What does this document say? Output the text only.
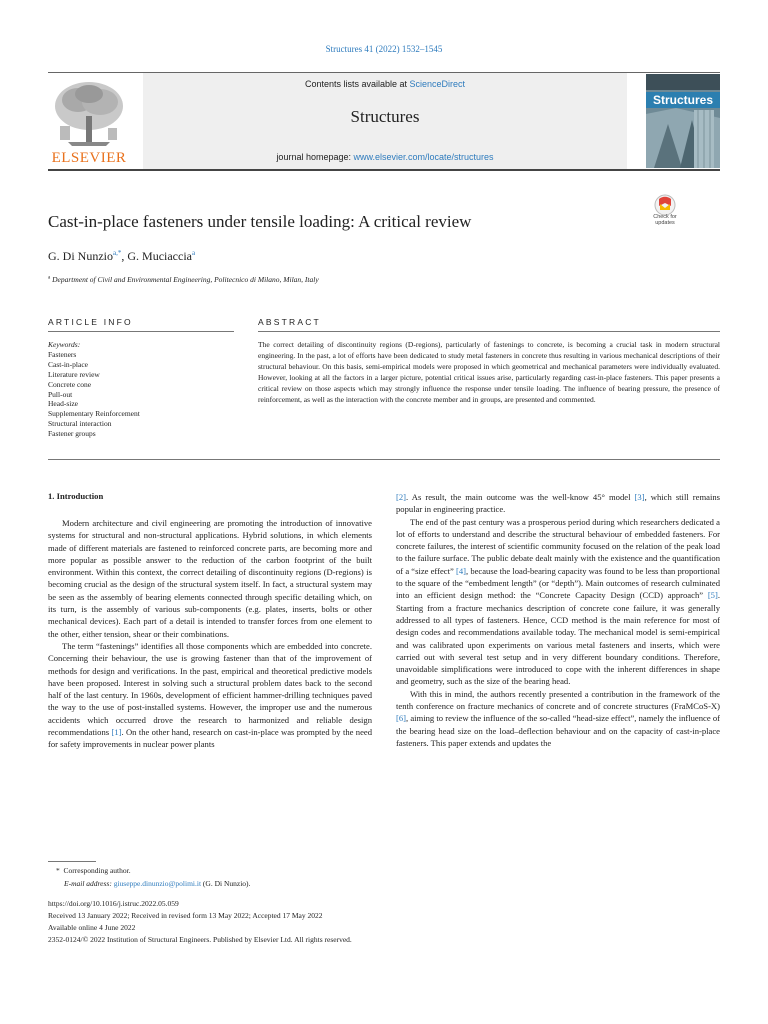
Structures 41 (2022) 1532–1545
ELSEVIER
Contents lists available at ScienceDirect
Structures
journal homepage: www.elsevier.com/locate/structures
Structures
Cast-in-place fasteners under tensile loading: A critical review	Check for updates
G. Di Nunzio$^{a,*}$, G. Muciaccia$^a$
$^a$ Department of Civil and Environmental Engineering, Politecnico di Milano, Milan, Italy
ARTICLE INFO	ABSTRACT
Keywords:
Fasteners
Cast-in-place
Literature review
Concrete cone
Pull-out
Head-size
Supplementary Reinforcement
Structural interaction
Fastener groups
The correct detailing of discontinuity regions (D-regions), particularly of fastenings to concrete, is becoming a crucial task in modern structural engineering. In the past, a lot of efforts have been dedicated to study metal fasteners in concrete thus resulting in various mechanical descriptions of their structural behaviour. On this basis, semi-empirical models were proposed in which geometrical and mechanical parameters were individually evaluated. However, looking at all the factors in a larger picture, potential critical issues arise, particularly regarding cast-in-place fasteners. This paper presents a critical review on those aspects which may strongly influence the response under tensile loading. The influence of bearing pressure, the presence of reinforcement, as well as the interaction with the concrete member and in groups, are presented and commented.
1. Introduction

Modern architecture and civil engineering are promoting the introduction of innovative systems for structural and non-structural applications. Hybrid solutions, in which elements made of different materials are fastened to reinforced concrete parts, are becoming more and more popular as possible answer to the reduction of the carbon footprint of the built environment. Within this context, the correct detailing of discontinuity regions (D-regions) is becoming crucial as the design of the structural system itself. In fact, a structural system may be seen as the assembly of bearing elements connected through specific detailing which, on its turn, is the assembly of various sub-components (e.g. plates, inserts, bolts or other mechanical devices). Each part of a detail is intended to transfer forces from one element to the other, either tension, shear or their combinations.

The term “fastenings” identifies all those components which are embedded into concrete. Concerning their behaviour, the use is growing fastener than that of the improvement of methods for design and verifications. In the past, empirical and theoretical predictive models have been proposed. Interest in solving such a structural problem dates back to the second half of the last century. In 1960s, development of efficient hammer-drilling techniques paved the way to the use of post-installed systems. However, the improper use and the numerous accidents which occurred drove the research to harmonized and reliable design recommendations [1]. On the other hand, research on cast-in-place was prompted by the need for safety improvements in nuclear power plants

[2]. As result, the main outcome was the well-know 45° model [3], which still remains popular in engineering practice.

The end of the past century was a prosperous period during which researchers dedicated a lot of efforts to understand and describe the structural behaviour of embedded fasteners. For concrete failures, the interest of scientific community focused on the relation of the peak load to the failure surface. The public debate dealt mainly with the existence and the quantification of a “size effect” [4], because the load-bearing capacity was found to be less than proportional to the square of the “embedment length” (or “depth”). Main outcomes of research culminated into an efficient design method: the “Concrete Capacity Design (CCD) approach” [5]. Starting from a fracture mechanics description of concrete cone failure, it was generally addressed to all types of fasteners. Hence, CCD method is the main reference for most of design codes and recommendations available today. The mechanical model is semi-empirical and was calibrated upon experiments on various metal fasteners and inserts, which were carried out with several test setup and in very different boundary conditions. Therefore, unavoidable simplifications were introduced to cope with the inherent differences in shape and geometry, such as the size of the bearing head.

With this in mind, the authors recently presented a contribution in the framework of the tenth conference on fracture mechanics of concrete and of concrete structures (FraMCoS-X) [6], aiming to review the influence of the so-called “head-size effect”, namely the influence of the bearing head size on the load–deflection behaviour and on the capacity of cast-in-place fasteners. This paper extends and updates the

* Corresponding author.
E-mail address: giuseppe.dinunzio@polimi.it (G. Di Nunzio).
https://doi.org/10.1016/j.istruc.2022.05.059
Received 13 January 2022; Received in revised form 13 May 2022; Accepted 17 May 2022
Available online 4 June 2022
2352-0124/© 2022 Institution of Structural Engineers. Published by Elsevier Ltd. All rights reserved.
